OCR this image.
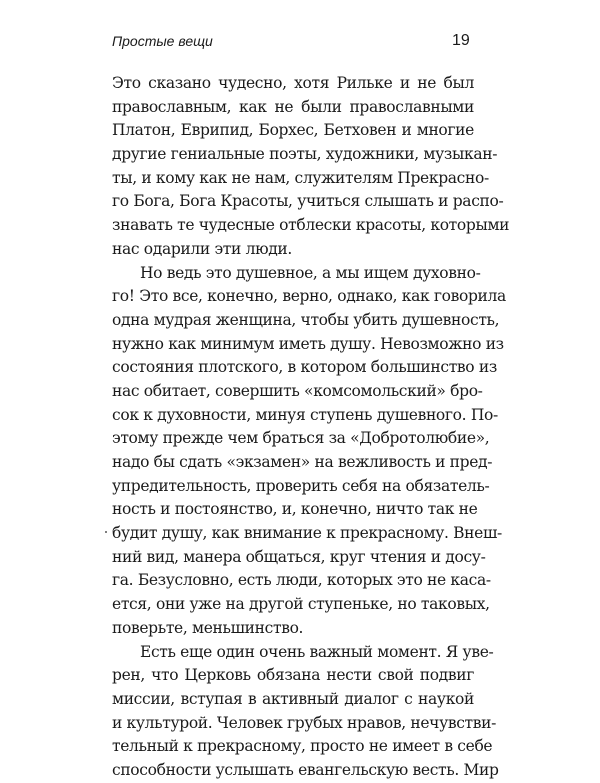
Простые вещи	19
Это сказано чудесно, хотя Рильке и не был
православным, как не были православными
Платон, Еврипид, Борхес, Бетховен и многие
другие гениальные поэты, художники, музыкан-
ты, и кому как не нам, служителям Прекрасно-
го Бога, Бога Красоты, учиться слышать и распо-
знавать те чудесные отблески красоты, которыми
нас одарили эти люди.
Но ведь это душевное, а мы ищем духовно-
го! Это все, конечно, верно, однако, как говорила
одна мудрая женщина, чтобы убить душевность,
нужно как минимум иметь душу. Невозможно из
состояния плотского, в котором большинство из
нас обитает, совершить «комсомольский» бро-
сок к духовности, минуя ступень душевного. По-
этому прежде чем браться за «Добротолюбие»,
надо бы сдать «экзамен» на вежливость и пред-
упредительность, проверить себя на обязатель-
ность и постоянство, и, конечно, ничто так не
будит душу, как внимание к прекрасному. Внеш-
ний вид, манера общаться, круг чтения и досу-
га. Безусловно, есть люди, которых это не каса-
ется, они уже на другой ступеньке, но таковых,
поверьте, меньшинство.
Есть еще один очень важный момент. Я уве-
рен, что Церковь обязана нести свой подвиг
миссии, вступая в активный диалог с наукой
и культурой. Человек грубых нравов, нечувстви-
тельный к прекрасному, просто не имеет в себе
способности услышать евангельскую весть. Мир
